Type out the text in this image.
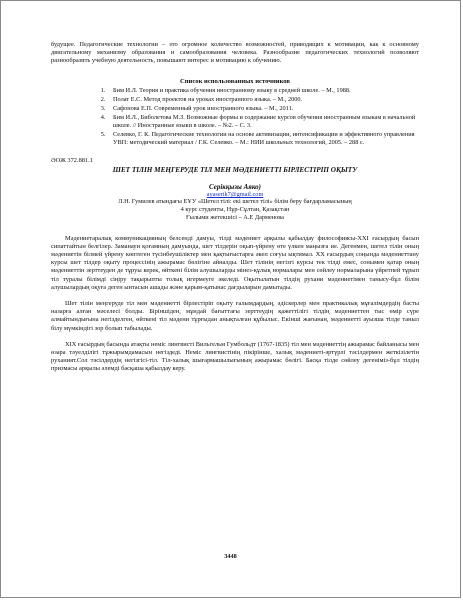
будущее. Педагогические технологии – это огромное количество возможностей, приводящих к мотивации, как к основному двигательному механизму образования и самообразования человека. Разнообразие педагогических технологий позволяют разнообразить учебную деятельность, повышают интерес и мотивацию к обучению.

Список использованных источников

1. Бим И.Л. Теория и практика обучения иностранному языку в средней школе. – М., 1988.
2. Полат Е.С. Метод проектов на уроках иностранного языка. – М., 2000.
3. Сафонова Е.П. Современный урок иностранного языка. – М., 2011.
4. Бим И.Л., Биболетова М.З. Возможные формы и содержание курсов обучения иностранным языкам в начальной школе. // Иностранные языки в школе. – №2. – С. 3.
5. Селевко, Г. К. Педагогические технологии на основе активизации, интенсификации и эффективного управления УВП: методический материал / Г.К. Селевко. – М.: НИИ школьных технологий, 2005. – 288 с.

ӘОЖ 372.881.1

ШЕТ ТІЛІН МЕҢГЕРУДЕ ТІЛ МЕН МӘДЕНИЕТТІ БІРЛЕСТІРІП ОҚЫТУ

Серікқызы Аяко)

ayaserik7@gmail.com

Л.Н. Гумилев атындағы ЕҰУ «Шетел тілі: екі шетел тілі» білім беру бағдарламасының

4 курс студенты, Нұр-Сұлтан, Қазақстан

Ғылыми жетекшісі – А.Е Дарменова

Мәдениетаралық коммуникацияның белсенді дамуы, тілді мәдениет арқылы қабылдау философиясы-XXI ғасырдың басын сипаттайтын белгілер. Заманауи қоғамның дамуында, шет тілдерін оқып-үйрену өте үлкен маңызға ие. Дегенмен, шетел тілін оның мәдениетін білмей үйрену көптеген түсінбеушіліктер мен қақтығыстарға әкеп соғуы ықтимал. XX ғасырдың соңында мәдениеттану курсы шет тілдер оқыту процессінің ажырамас бөлігіне айналды. Шет тілінің негізгі курсы тек тілді емес, сонымен қатар оның мәдениеттін зерттеуден де тұруы керек, өйткені білім алушыларды мінез-құлық нормалары мен сөйлеу нормаларына үйретпей тұрып тіл туралы білімді сіңіру тақырыпты толық игермеуге әкеледі. Оқытылатын тілдің рухани мәдениетімен танысу-бұл білім алушылардың оқуға деген ынтасын ашады және қарым-қатынас дағдыларын дамытады.

Шет тілін меңгеруде тіл мен мәдениетті бірлестіріп оқыту ғалымдардың, әдіскерлер мен практикалық мұғалімдердің басты назарға алған мәселесі болды. Біріншіден, мұндай бағыттағы зерттеудің қажеттілігі тілдің мәдениеттен тыс өмір сүре алмайтындығына негізделген, өйткені тіл мәдени тұрғыдан анықталған құбылыс. Екінші жағынан, мәдениетті ауызша тілде таныл білу мүмкіндігі зор болып табылады.

XIX ғасырдың басында атақты неміс лингвисті Вильгельм Гумбольдт (1767-1835) тіл мен мәдениеттің ажырамас байланысы мен өзара тәуелділігі тұжырымдамасын негіздеді. Неміс лингвистінің пікірінше, халық мәдениеті-әртүрлі тәсілдермен жеткізілетін руханият.Сол тәсілдердің негізгісі-тіл. Тіл-халық шығармашылығының ажырамас бөлігі. Басқа тілде сөйлеу дегеніміз-бұл тілдің призмасы арқылы әлемді басқаша қабылдау керу.

3448
